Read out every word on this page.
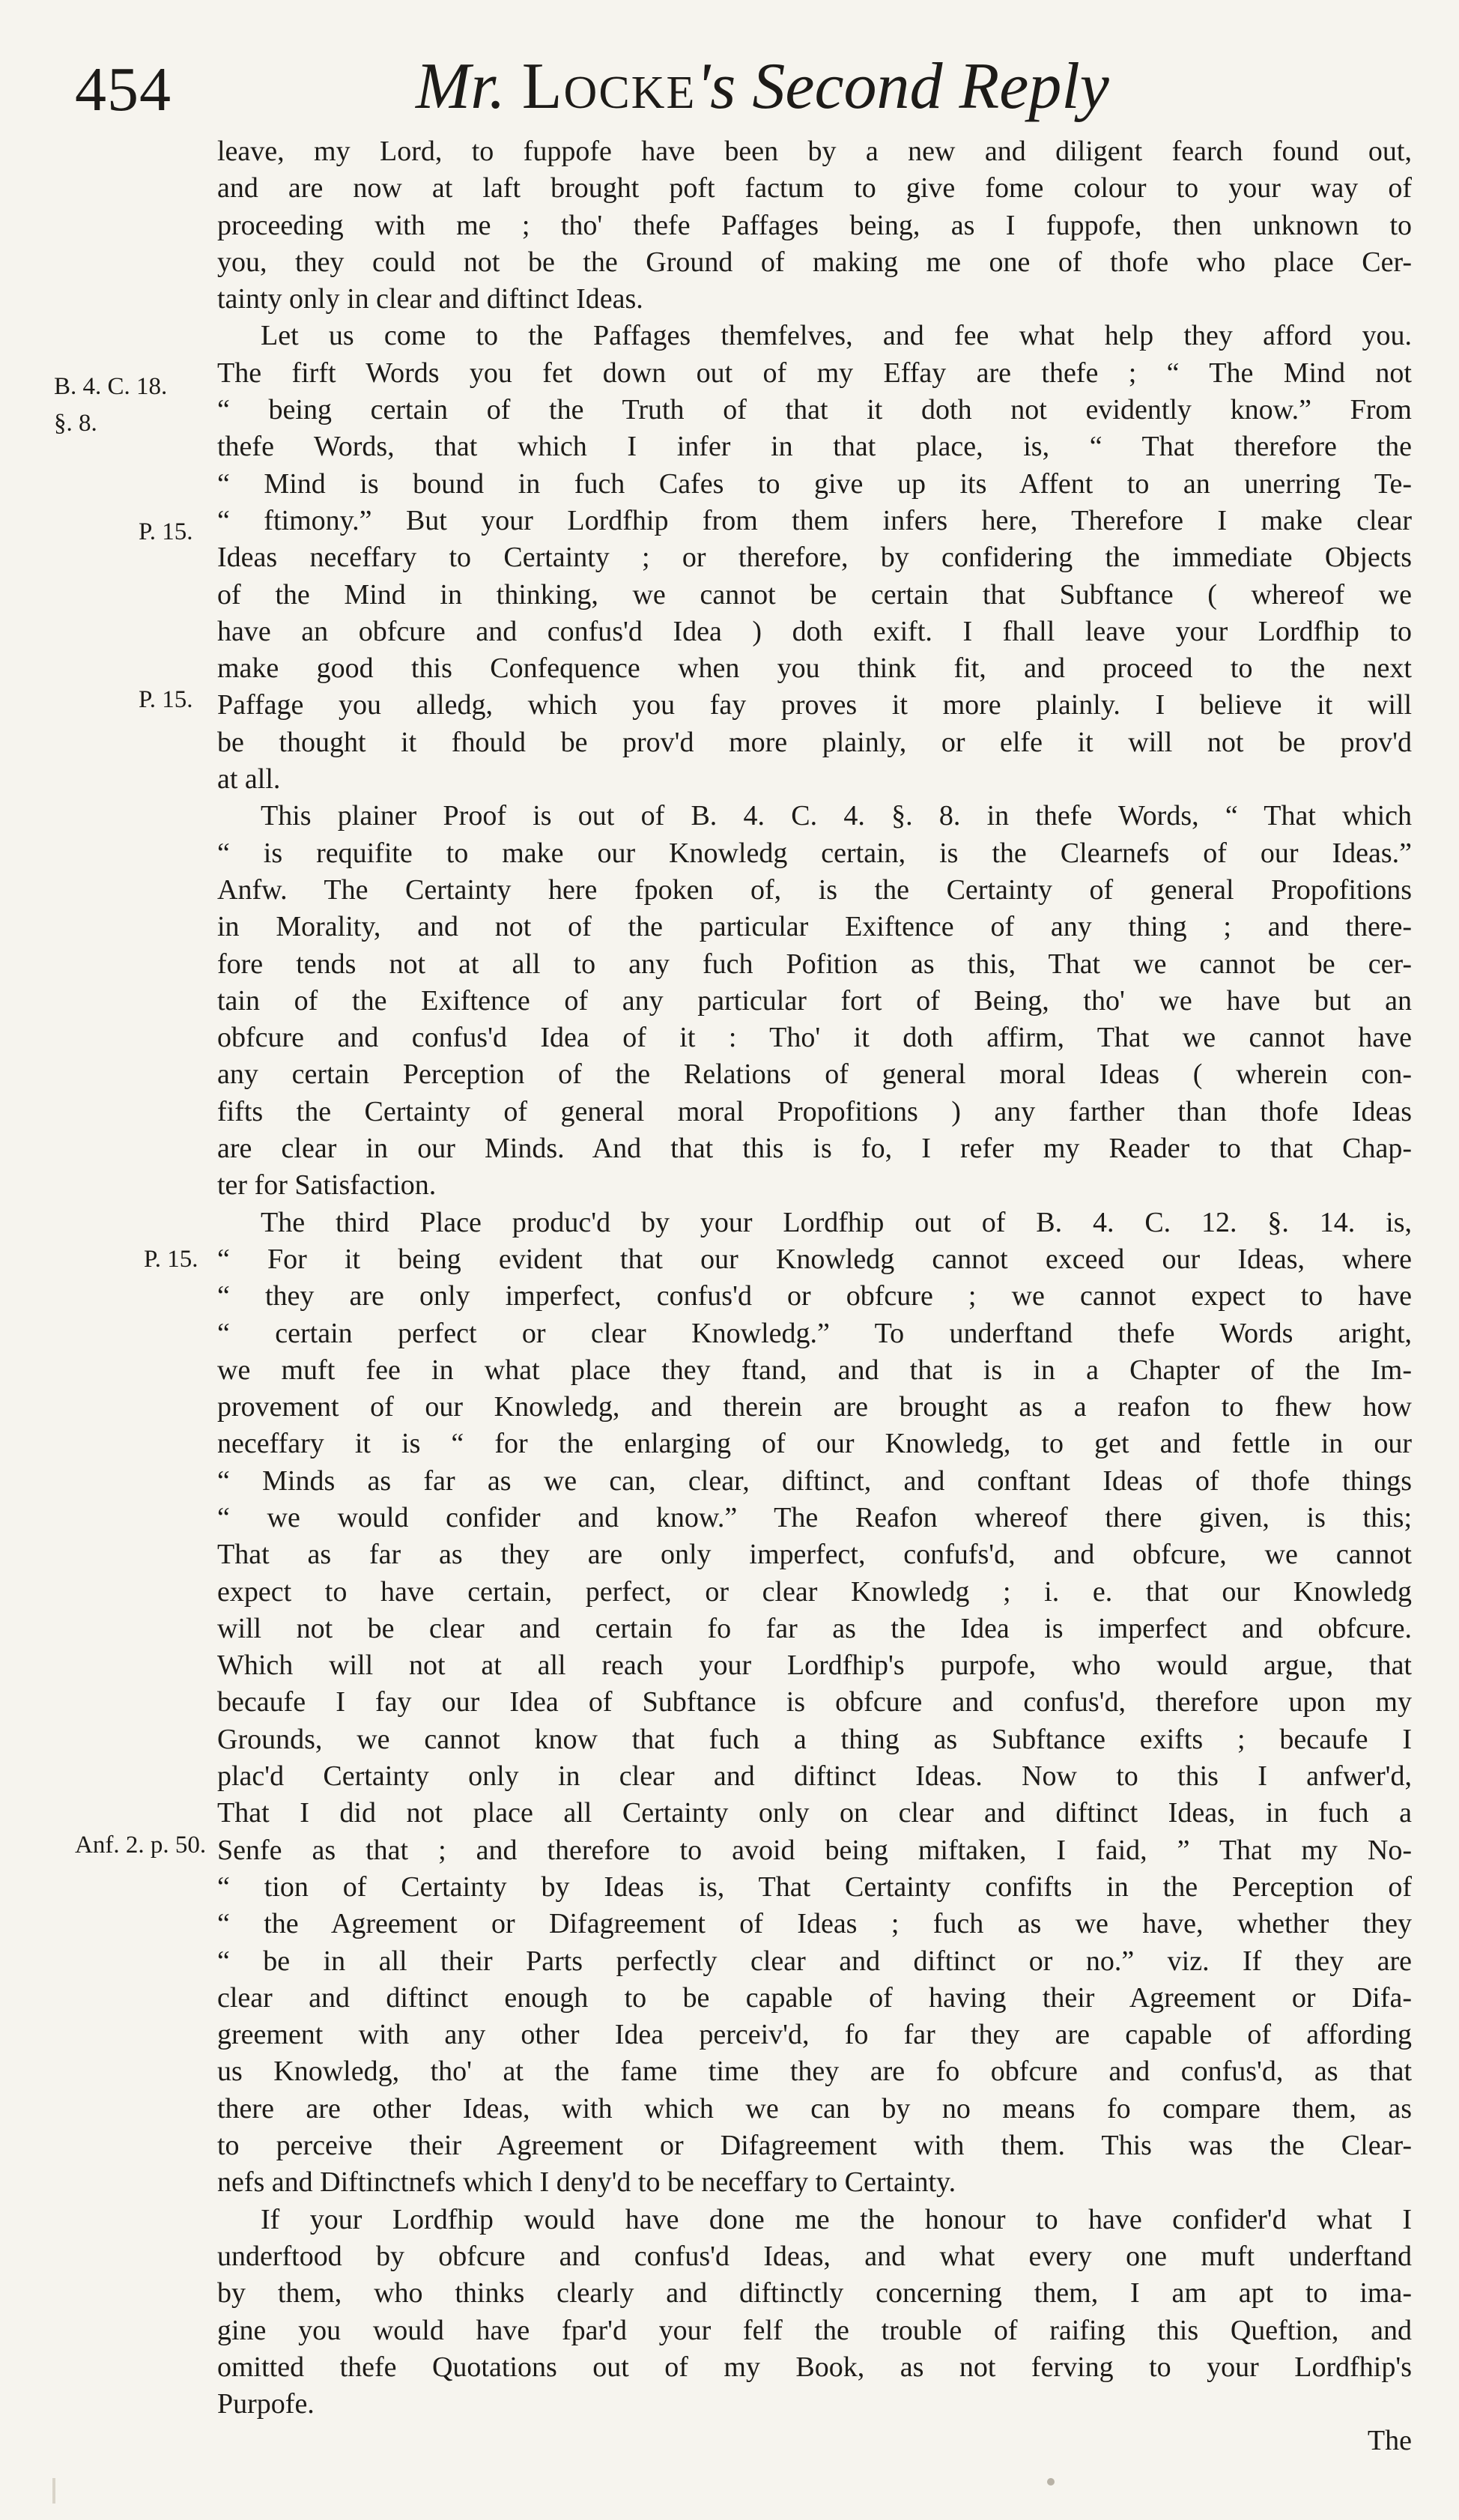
454	Mr. Locke's Second Reply
B. 4. C. 18.
§. 8.
P. 15.
P. 15.
P. 15.
Anf. 2. p. 50.
leave, my Lord, to fuppofe have been by a new and diligent fearch found out,
and are now at laft brought poft factum to give fome colour to your way of
proceeding with me ; tho' thefe Paffages being, as I fuppofe, then unknown to
you, they could not be the Ground of making me one of thofe who place Cer-
tainty only in clear and diftinct Ideas.
Let us come to the Paffages themfelves, and fee what help they afford you.
The firft Words you fet down out of my Effay are thefe ; “ The Mind not
“ being certain of the Truth of that it doth not evidently know.” From
thefe Words, that which I infer in that place, is, “ That therefore the
“ Mind is bound in fuch Cafes to give up its Affent to an unerring Te-
“ ftimony.” But your Lordfhip from them infers here, Therefore I make clear
Ideas neceffary to Certainty ; or therefore, by confidering the immediate Objects
of the Mind in thinking, we cannot be certain that Subftance ( whereof we
have an obfcure and confus'd Idea ) doth exift. I fhall leave your Lordfhip to
make good this Confequence when you think fit, and proceed to the next
Paffage you alledg, which you fay proves it more plainly. I believe it will
be thought it fhould be prov'd more plainly, or elfe it will not be prov'd
at all.
This plainer Proof is out of B. 4. C. 4. §. 8. in thefe Words, “ That which
“ is requifite to make our Knowledg certain, is the Clearnefs of our Ideas.”
Anfw. The Certainty here fpoken of, is the Certainty of general Propofitions
in Morality, and not of the particular Exiftence of any thing ; and there-
fore tends not at all to any fuch Pofition as this, That we cannot be cer-
tain of the Exiftence of any particular fort of Being, tho' we have but an
obfcure and confus'd Idea of it : Tho' it doth affirm, That we cannot have
any certain Perception of the Relations of general moral Ideas ( wherein con-
fifts the Certainty of general moral Propofitions ) any farther than thofe Ideas
are clear in our Minds. And that this is fo, I refer my Reader to that Chap-
ter for Satisfaction.
The third Place produc'd by your Lordfhip out of B. 4. C. 12. §. 14. is,
“ For it being evident that our Knowledg cannot exceed our Ideas, where
“ they are only imperfect, confus'd or obfcure ; we cannot expect to have
“ certain perfect or clear Knowledg.” To underftand thefe Words aright,
we muft fee in what place they ftand, and that is in a Chapter of the Im-
provement of our Knowledg, and therein are brought as a reafon to fhew how
neceffary it is “ for the enlarging of our Knowledg, to get and fettle in our
“ Minds as far as we can, clear, diftinct, and conftant Ideas of thofe things
“ we would confider and know.” The Reafon whereof there given, is this;
That as far as they are only imperfect, confufs'd, and obfcure, we cannot
expect to have certain, perfect, or clear Knowledg ; i. e. that our Knowledg
will not be clear and certain fo far as the Idea is imperfect and obfcure.
Which will not at all reach your Lordfhip's purpofe, who would argue, that
becaufe I fay our Idea of Subftance is obfcure and confus'd, therefore upon my
Grounds, we cannot know that fuch a thing as Subftance exifts ; becaufe I
plac'd Certainty only in clear and diftinct Ideas. Now to this I anfwer'd,
That I did not place all Certainty only on clear and diftinct Ideas, in fuch a
Senfe as that ; and therefore to avoid being miftaken, I faid, ” That my No-
“ tion of Certainty by Ideas is, That Certainty confifts in the Perception of
“ the Agreement or Difagreement of Ideas ; fuch as we have, whether they
“ be in all their Parts perfectly clear and diftinct or no.” viz. If they are
clear and diftinct enough to be capable of having their Agreement or Difa-
greement with any other Idea perceiv'd, fo far they are capable of affording
us Knowledg, tho' at the fame time they are fo obfcure and confus'd, as that
there are other Ideas, with which we can by no means fo compare them, as
to perceive their Agreement or Difagreement with them. This was the Clear-
nefs and Diftinctnefs which I deny'd to be neceffary to Certainty.
If your Lordfhip would have done me the honour to have confider'd what I
underftood by obfcure and confus'd Ideas, and what every one muft underftand
by them, who thinks clearly and diftinctly concerning them, I am apt to ima-
gine you would have fpar'd your felf the trouble of raifing this Queftion, and
omitted thefe Quotations out of my Book, as not ferving to your Lordfhip's
Purpofe.
The
